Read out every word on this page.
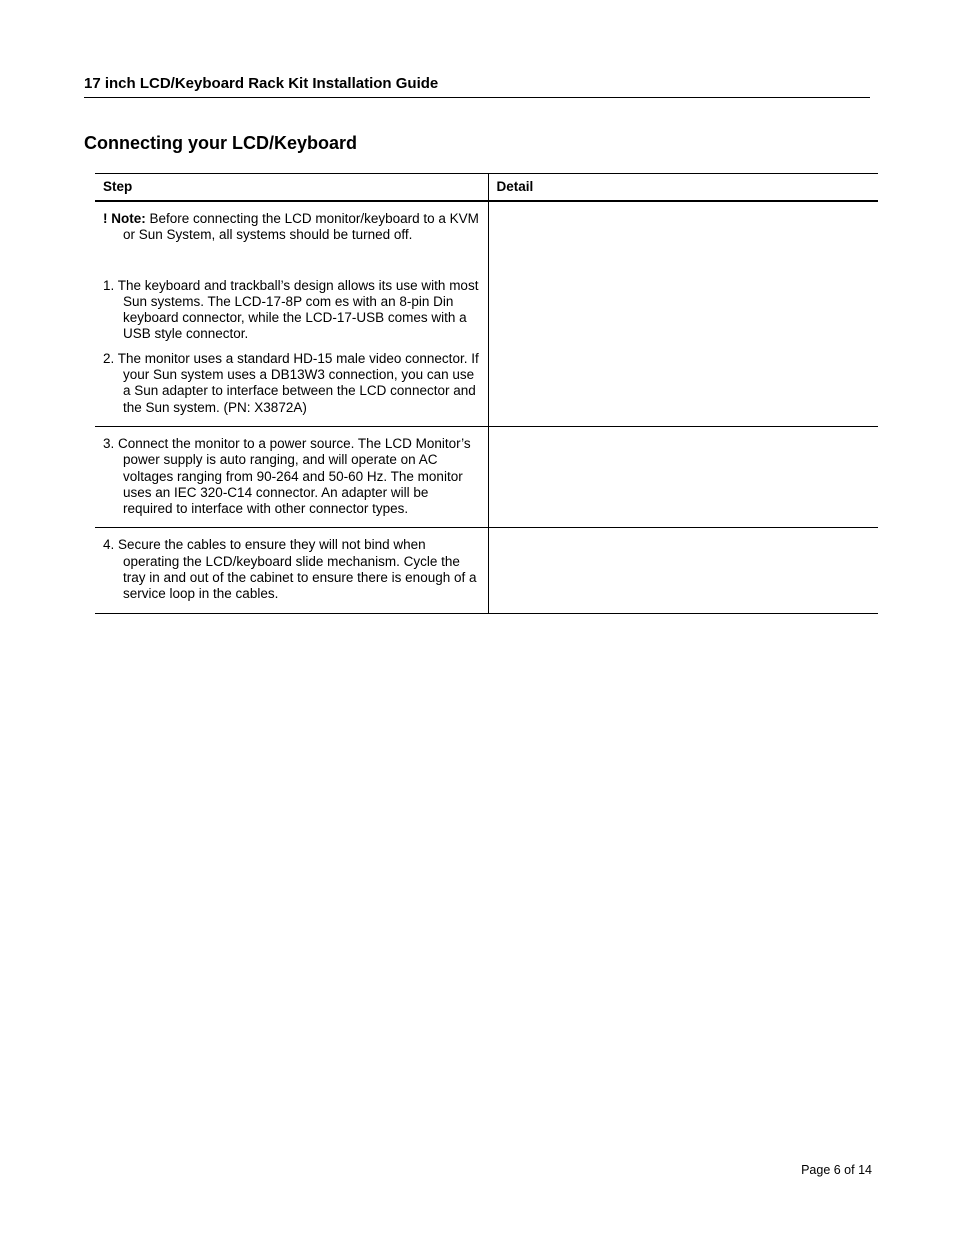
17 inch LCD/Keyboard Rack Kit Installation Guide
Connecting your LCD/Keyboard
Step	Detail

! Note: Before connecting the LCD monitor/keyboard to a KVM or Sun System, all systems should be turned off.

1. The keyboard and trackball’s design allows its use with most Sun systems. The LCD-17-8P com es with an 8-pin Din keyboard connector, while the LCD-17-USB comes with a USB style connector.

2. The monitor uses a standard HD-15 male video connector. If your Sun system uses a DB13W3 connection, you can use a Sun adapter to interface between the LCD connector and the Sun system. (PN: X3872A)	

3. Connect the monitor to a power source. The LCD Monitor’s power supply is auto ranging, and will operate on AC voltages ranging from 90-264 and 50-60 Hz. The monitor uses an IEC 320-C14 connector. An adapter will be required to interface with other connector types.	

4. Secure the cables to ensure they will not bind when operating the LCD/keyboard slide mechanism. Cycle the tray in and out of the cabinet to ensure there is enough of a service loop in the cables.	

Page 6 of 14
